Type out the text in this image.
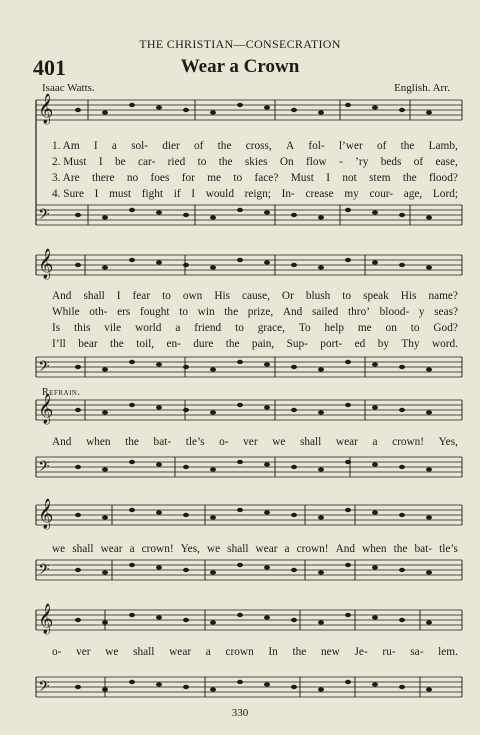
THE CHRISTIAN—CONSECRATION
401	Wear a Crown
Isaac Watts.	English. Arr.
𝄞
𝄢
𝄞
𝄢
𝄞
𝄢
𝄞
𝄢
𝄞
𝄢
1. Am I a sol- dier of the cross, A fol- l’wer of the Lamb,
2. Must I be car- ried to the skies On flow - ’ry beds of ease,
3. Are there no foes for me to face? Must I not stem the flood?
4. Sure I must fight if I would reign; In- crease my cour- age, Lord;
And shall I fear to own His cause, Or blush to speak His name?
While oth- ers fought to win the prize, And sailed thro’ blood- y seas?
Is this vile world a friend to grace, To help me on to God?
I’ll bear the toil, en- dure the pain, Sup- port- ed by Thy word.
And when the bat- tle’s o- ver we shall wear a crown! Yes,
we shall wear a crown! Yes, we shall wear a crown! And when the bat- tle’s
o- ver we shall wear a crown In the new Je- ru- sa- lem.
Refrain.
330
